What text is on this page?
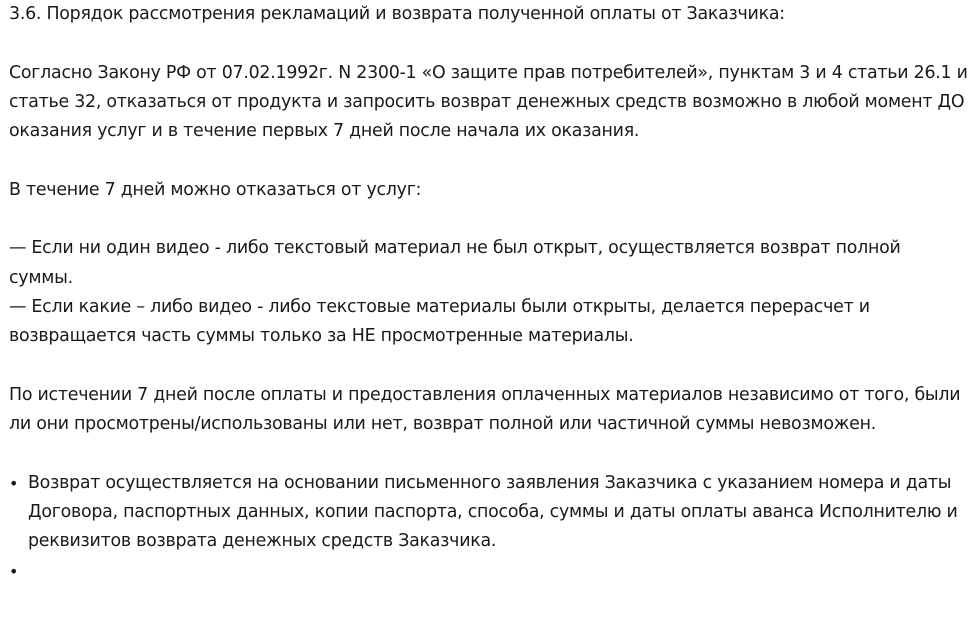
3.6. Порядок рассмотрения рекламаций и возврата полученной оплаты от Заказчика:

Согласно Закону РФ от 07.02.1992г. N 2300-1 «О защите прав потребителей», пунктам 3 и 4 статьи 26.1 и статье 32, отказаться от продукта и запросить возврат денежных средств возможно в любой момент ДО оказания услуг и в течение первых 7 дней после начала их оказания.

В течение 7 дней можно отказаться от услуг:

— Если ни один видео - либо текстовый материал не был открыт, осуществляется возврат полной суммы.
— Если какие – либо видео - либо текстовые материалы были открыты, делается перерасчет и возвращается часть суммы только за НЕ просмотренные материалы.

По истечении 7 дней после оплаты и предоставления оплаченных материалов независимо от того, были ли они просмотрены/использованы или нет, возврат полной или частичной суммы невозможен.

• Возврат осуществляется на основании письменного заявления Заказчика с указанием номера и даты Договора, паспортных данных, копии паспорта, способа, суммы и даты оплаты аванса Исполнителю и реквизитов возврата денежных средств Заказчика.
•
